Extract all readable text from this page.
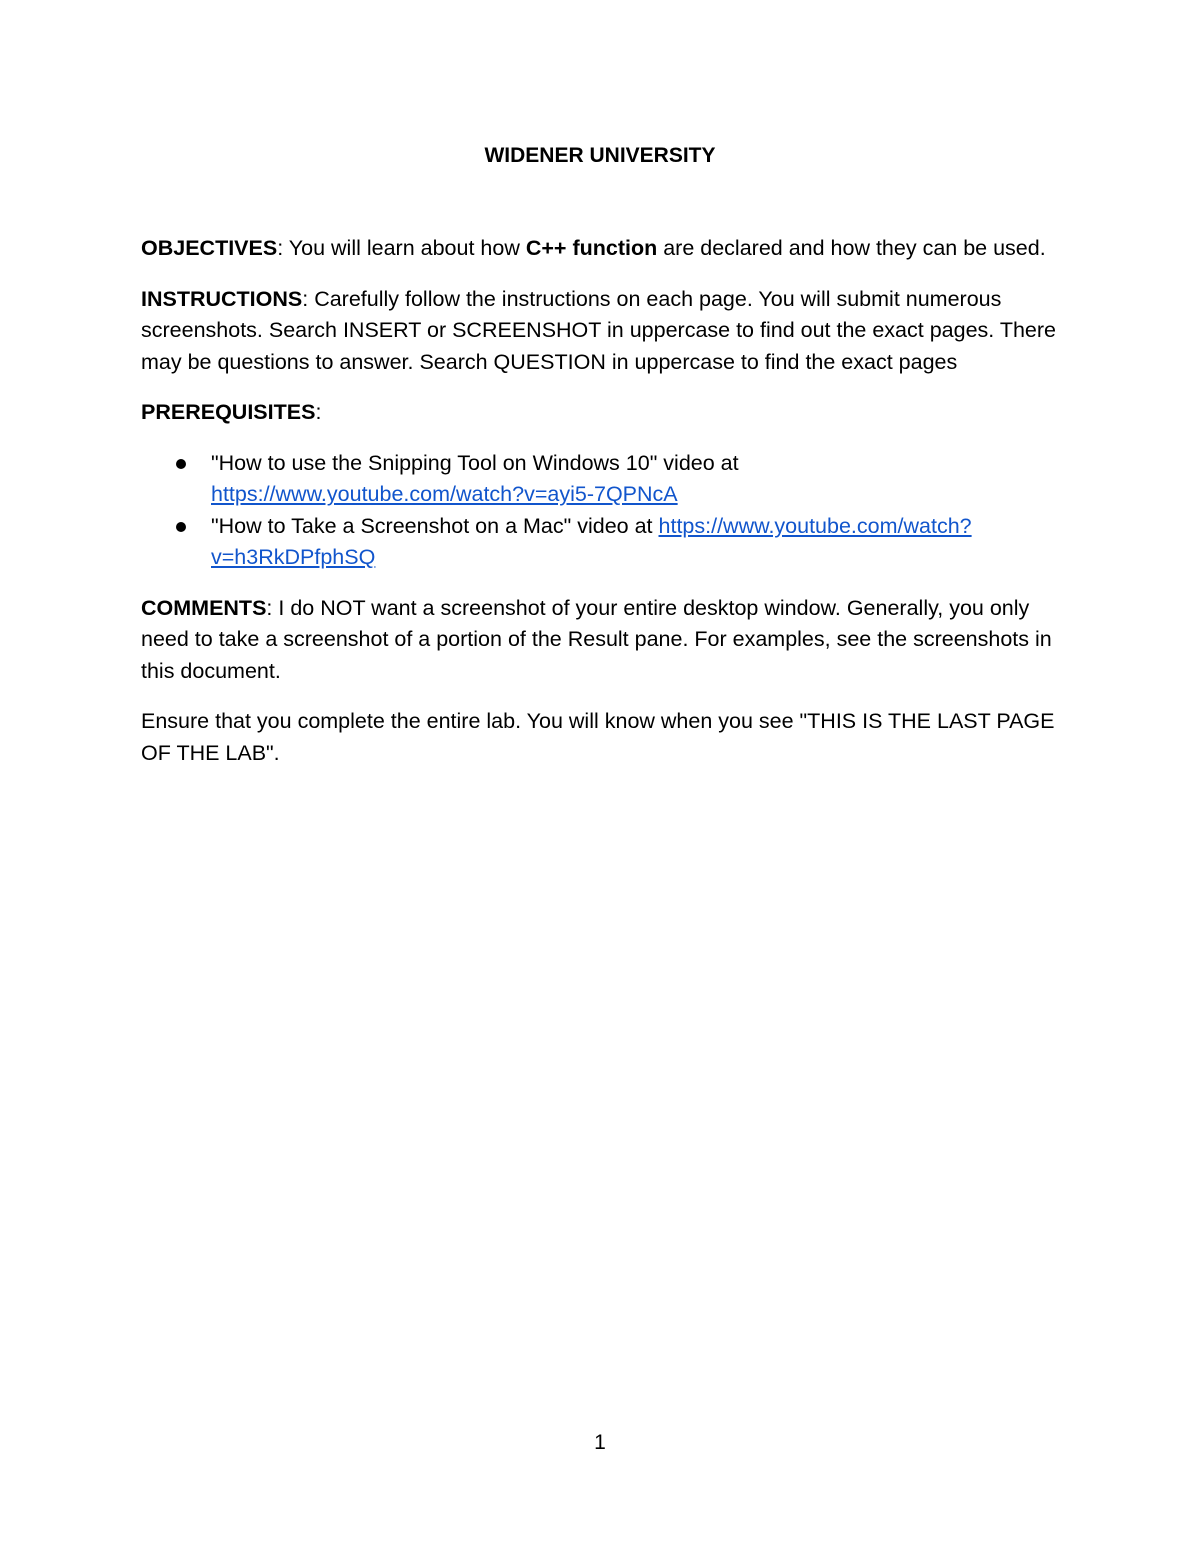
WIDENER UNIVERSITY

OBJECTIVES: You will learn about how C++ function are declared and how they can be used.

INSTRUCTIONS: Carefully follow the instructions on each page. You will submit numerous screenshots. Search INSERT or SCREENSHOT in uppercase to find out the exact pages. There may be questions to answer. Search QUESTION in uppercase to find the exact pages

PREREQUISITES:

"How to use the Snipping Tool on Windows 10" video at https://www.youtube.com/watch?v=ayi5-7QPNcA
"How to Take a Screenshot on a Mac" video at https://www.youtube.com/watch?v=h3RkDPfphSQ

COMMENTS: I do NOT want a screenshot of your entire desktop window. Generally, you only need to take a screenshot of a portion of the Result pane. For examples, see the screenshots in this document.

Ensure that you complete the entire lab. You will know when you see "THIS IS THE LAST PAGE OF THE LAB".

1
